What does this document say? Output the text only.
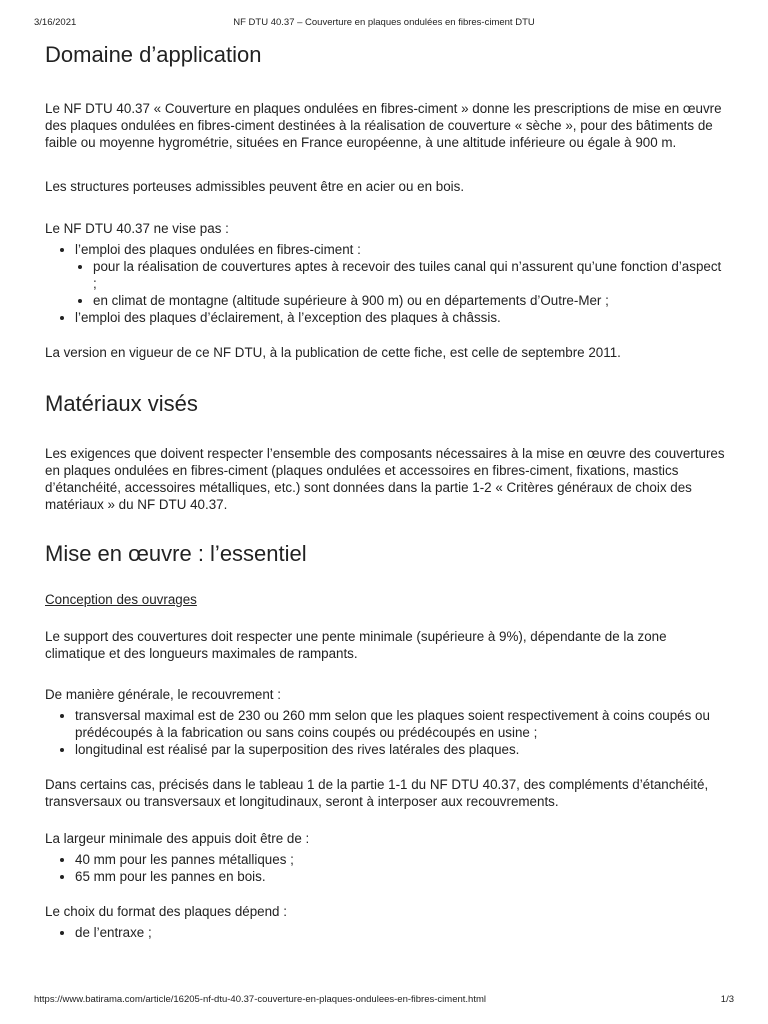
3/16/2021	NF DTU 40.37 – Couverture en plaques ondulées en fibres-ciment DTU
Domaine d’application

Le NF DTU 40.37 « Couverture en plaques ondulées en fibres-ciment » donne les prescriptions de mise en œuvre des plaques ondulées en fibres-ciment destinées à la réalisation de couverture « sèche », pour des bâtiments de faible ou moyenne hygrométrie, situées en France européenne, à une altitude inférieure ou égale à 900 m.

Les structures porteuses admissibles peuvent être en acier ou en bois.

Le NF DTU 40.37 ne vise pas :

• l’emploi des plaques ondulées en fibres-ciment :
• pour la réalisation de couvertures aptes à recevoir des tuiles canal qui n’assurent qu’une fonction d’aspect ;
• en climat de montagne (altitude supérieure à 900 m) ou en départements d’Outre-Mer ;
• l’emploi des plaques d’éclairement, à l’exception des plaques à châssis.

La version en vigueur de ce NF DTU, à la publication de cette fiche, est celle de septembre 2011.

Matériaux visés

Les exigences que doivent respecter l’ensemble des composants nécessaires à la mise en œuvre des couvertures en plaques ondulées en fibres-ciment (plaques ondulées et accessoires en fibres-ciment, fixations, mastics d’étanchéité, accessoires métalliques, etc.) sont données dans la partie 1-2 « Critères généraux de choix des matériaux » du NF DTU 40.37.

Mise en œuvre : l’essentiel

Conception des ouvrages

Le support des couvertures doit respecter une pente minimale (supérieure à 9%), dépendante de la zone climatique et des longueurs maximales de rampants.

De manière générale, le recouvrement :

• transversal maximal est de 230 ou 260 mm selon que les plaques soient respectivement à coins coupés ou prédécoupés à la fabrication ou sans coins coupés ou prédécoupés en usine ;
• longitudinal est réalisé par la superposition des rives latérales des plaques.

Dans certains cas, précisés dans le tableau 1 de la partie 1-1 du NF DTU 40.37, des compléments d’étanchéité, transversaux ou transversaux et longitudinaux, seront à interposer aux recouvrements.

La largeur minimale des appuis doit être de :

• 40 mm pour les pannes métalliques ;
• 65 mm pour les pannes en bois.

Le choix du format des plaques dépend :

• de l’entraxe ;
https://www.batirama.com/article/16205-nf-dtu-40.37-couverture-en-plaques-ondulees-en-fibres-ciment.html	1/3
